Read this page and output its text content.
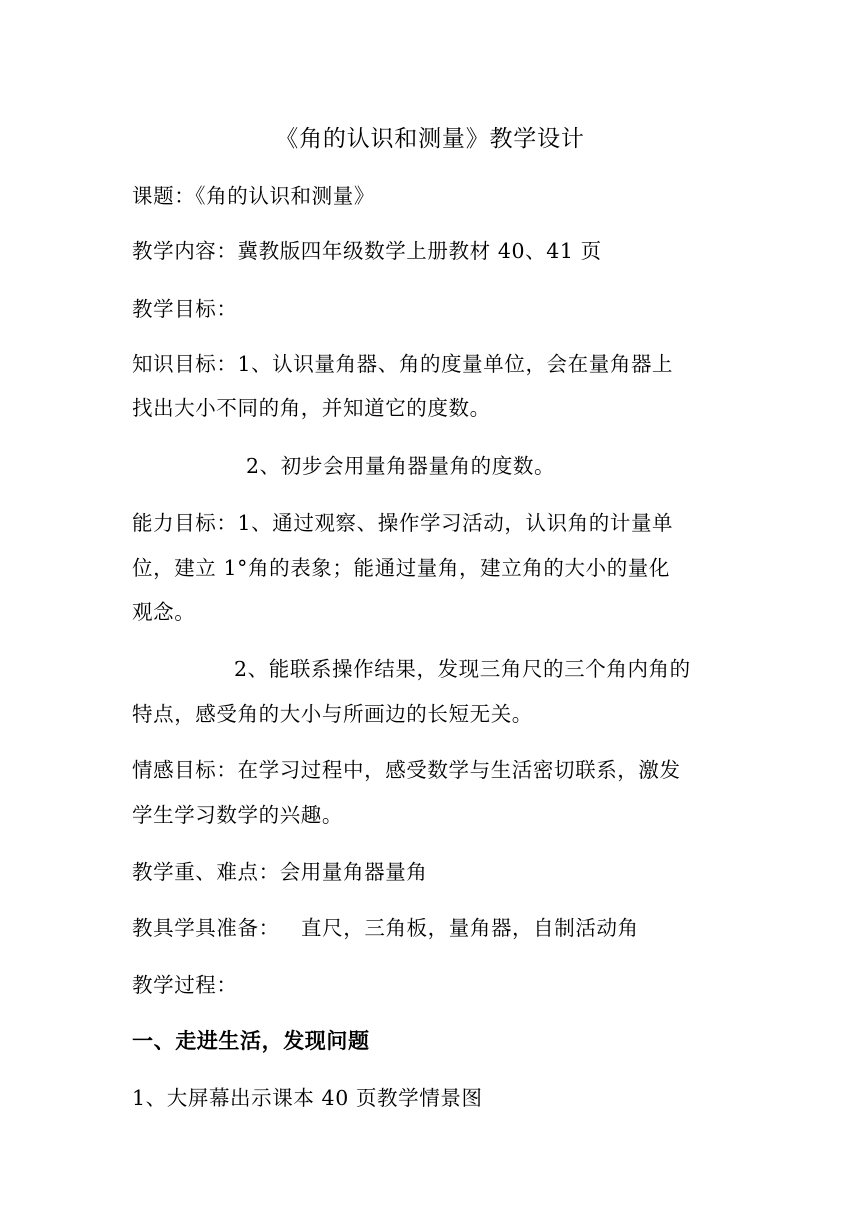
《角的认识和测量》教学设计
课题：《角的认识和测量》
教学内容：冀教版四年级数学上册教材 40、41 页
教学目标：
知识目标：1、认识量角器、角的度量单位，会在量角器上
找出大小不同的角，并知道它的度数。
2、初步会用量角器量角的度数。
能力目标：1、通过观察、操作学习活动，认识角的计量单
位，建立 1°角的表象；能通过量角，建立角的大小的量化
观念。
2、能联系操作结果，发现三角尺的三个角内角的
特点，感受角的大小与所画边的长短无关。
情感目标：在学习过程中，感受数学与生活密切联系，激发
学生学习数学的兴趣。
教学重、难点：会用量角器量角
教具学具准备：   直尺，三角板，量角器，自制活动角
教学过程：
一、走进生活，发现问题
1、大屏幕出示课本 40 页教学情景图
